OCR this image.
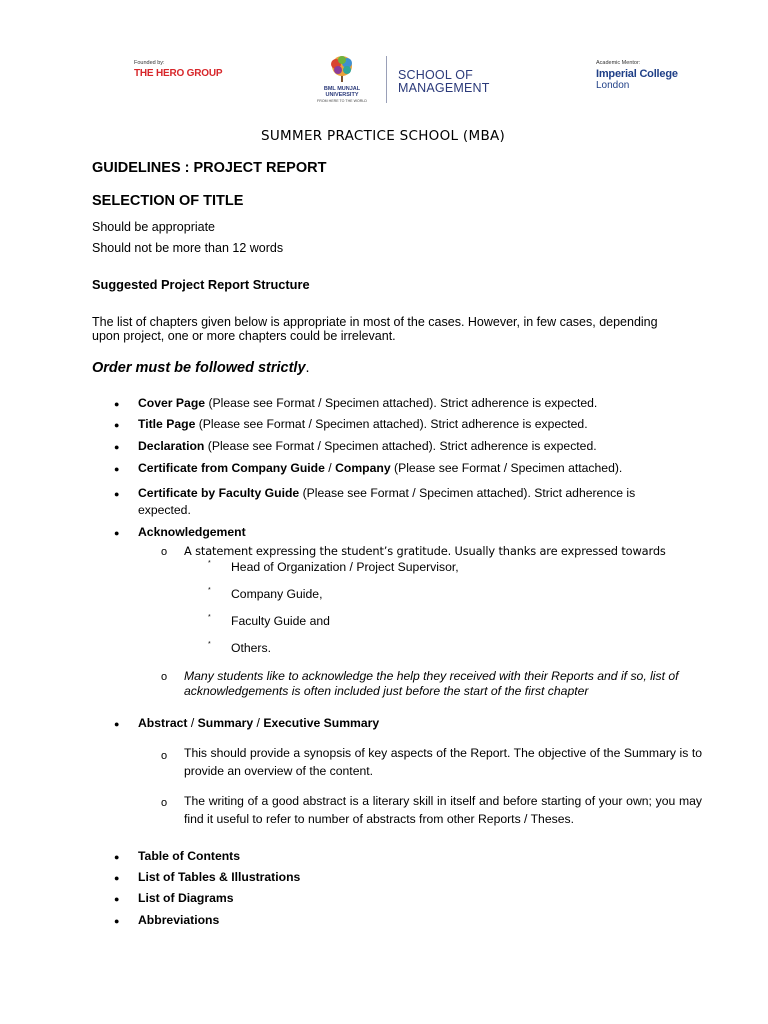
Founded by:
THE HERO GROUP
BML MUNJAL
UNIVERSITY
FROM HERE TO THE WORLD
SCHOOL OF
MANAGEMENT
Academic Mentor:
Imperial College
London
SUMMER PRACTICE SCHOOL (MBA)
GUIDELINES : PROJECT REPORT
SELECTION OF TITLE
Should be appropriate
Should not be more than 12 words
Suggested Project Report Structure
The list of chapters given below is appropriate in most of the cases. However, in few cases, depending
upon project, one or more chapters could be irrelevant.
Order must be followed strictly.
● Cover Page (Please see Format / Specimen attached). Strict adherence is expected.
● Title Page (Please see Format / Specimen attached). Strict adherence is expected.
● Declaration (Please see Format / Specimen attached). Strict adherence is expected.
● Certificate from Company Guide / Company (Please see Format / Specimen attached).
● Certificate by Faculty Guide (Please see Format / Specimen attached). Strict adherence is
expected.
● Acknowledgement
o A statement expressing the student’s gratitude. Usually thanks are expressed towards
* Head of Organization / Project Supervisor,
* Company Guide,
* Faculty Guide and
* Others.
o Many students like to acknowledge the help they received with their Reports and if so, list of
acknowledgements is often included just before the start of the first chapter
● Abstract / Summary / Executive Summary
o This should provide a synopsis of key aspects of the Report. The objective of the Summary is to provide an overview of the content.
o The writing of a good abstract is a literary skill in itself and before starting of your own; you may find it useful to refer to number of abstracts from other Reports / Theses.
● Table of Contents
● List of Tables & Illustrations
● List of Diagrams
● Abbreviations
